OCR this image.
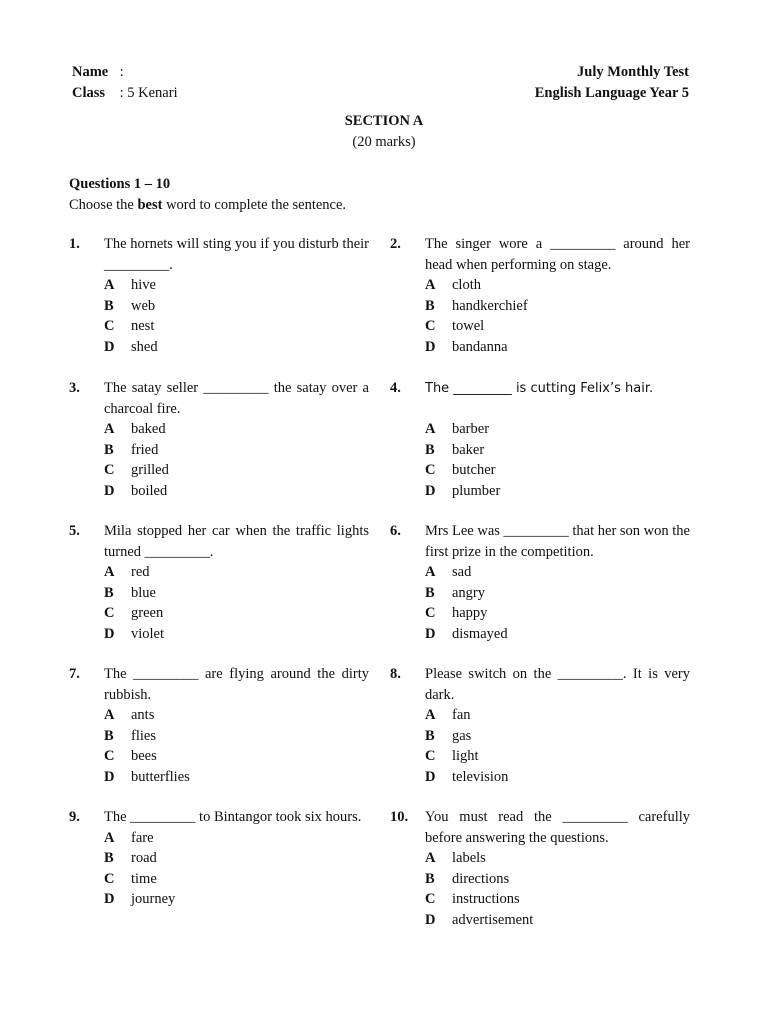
Name :
Class : 5 Kenari
July Monthly Test
English Language Year 5
SECTION A
(20 marks)
Questions 1 – 10
Choose the best word to complete the sentence.
1.	The hornets will sting you if you disturb their _________.
A hive
B web
C nest
D shed
2.	The singer wore a _________ around her head when performing on stage.
A cloth
B handkerchief
C towel
D bandanna
3.	The satay seller _________ the satay over a charcoal fire.
A baked
B fried
C grilled
D boiled
4.	The _________ is cutting Felix’s hair.
A barber
B baker
C butcher
D plumber
5.	Mila stopped her car when the traffic lights turned _________.
A red
B blue
C green
D violet
6.	Mrs Lee was _________ that her son won the first prize in the competition.
A sad
B angry
C happy
D dismayed
7.	The _________ are flying around the dirty rubbish.
A ants
B flies
C bees
D butterflies
8.	Please switch on the _________. It is very dark.
A fan
B gas
C light
D television
9.	The _________ to Bintangor took six hours.
A fare
B road
C time
D journey
10.	You must read the _________ carefully before answering the questions.
A labels
B directions
C instructions
D advertisement
